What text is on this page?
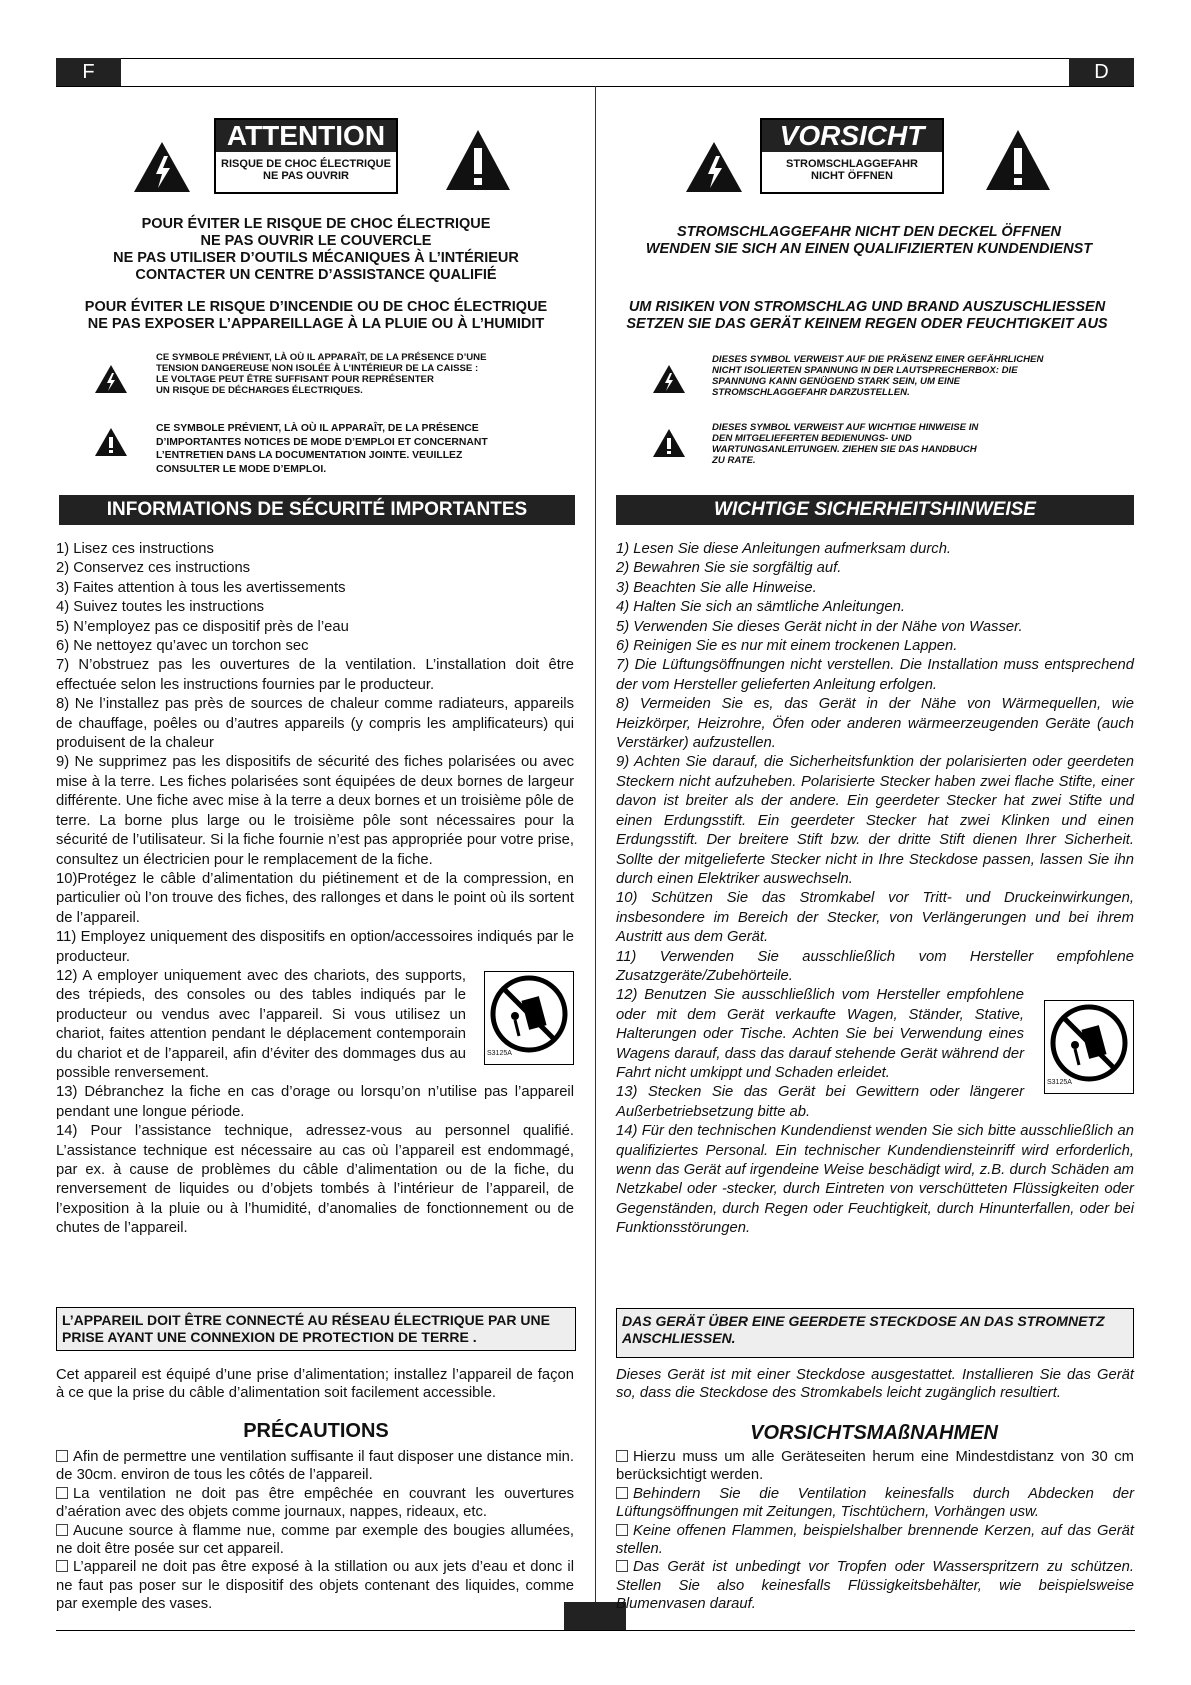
F	D
ATTENTION
RISQUE DE CHOC ÉLECTRIQUE
NE PAS OUVRIR
POUR ÉVITER LE RISQUE DE CHOC ÉLECTRIQUE
NE PAS OUVRIR LE COUVERCLE
NE PAS UTILISER D’OUTILS MÉCANIQUES À L’INTÉRIEUR
CONTACTER UN CENTRE D’ASSISTANCE QUALIFIÉ
POUR ÉVITER LE RISQUE D’INCENDIE OU DE CHOC ÉLECTRIQUE
NE PAS EXPOSER L’APPAREILLAGE À LA PLUIE OU À L’HUMIDIT
CE SYMBOLE PRÉVIENT, LÀ OÙ IL APPARAÎT, DE LA PRÉSENCE D’UNE
TENSION DANGEREUSE NON ISOLÉE À L’INTÉRIEUR DE LA CAISSE :
LE VOLTAGE PEUT ÊTRE SUFFISANT POUR REPRÉSENTER
UN RISQUE DE DÉCHARGES ÉLECTRIQUES.
CE SYMBOLE PRÉVIENT, LÀ OÙ IL APPARAÎT, DE LA PRÉSENCE
D’IMPORTANTES NOTICES DE MODE D’EMPLOI ET CONCERNANT
L’ENTRETIEN DANS LA DOCUMENTATION JOINTE. VEUILLEZ
CONSULTER LE MODE D’EMPLOI.
INFORMATIONS DE SÉCURITÉ IMPORTANTES

1) Lisez ces instructions

2) Conservez ces instructions

3) Faites attention à tous les avertissements

4) Suivez toutes les instructions

5) N’employez pas ce dispositif près de l’eau

6) Ne nettoyez qu’avec un torchon sec

7) N’obstruez pas les ouvertures de la ventilation. L’installation doit être effectuée selon les instructions fournies par le producteur.

8) Ne l’installez pas près de sources de chaleur comme radiateurs, appareils de chauffage, poêles ou d’autres appareils (y compris les amplificateurs) qui produisent de la chaleur

9) Ne supprimez pas les dispositifs de sécurité des fiches polarisées ou avec mise à la terre. Les fiches polarisées sont équipées de deux bornes de largeur différente. Une fiche avec mise à la terre a deux bornes et un troisième pôle de terre. La borne plus large ou le troisième pôle sont nécessaires pour la sécurité de l’utilisateur. Si la fiche fournie n’est pas appropriée pour votre prise, consultez un électricien pour le remplacement de la fiche.

10)Protégez le câble d’alimentation du piétinement et de la compression, en particulier où l’on trouve des fiches, des rallonges et dans le point où ils sortent de l’appareil.

11) Employez uniquement des dispositifs en option/accessoires indiqués par le producteur.

S3125A

12) A employer uniquement avec des chariots, des supports, des trépieds, des consoles ou des tables indiqués par le producteur ou vendus avec l’appareil. Si vous utilisez un chariot, faites attention pendant le déplacement contemporain du chariot et de l’appareil, afin d’éviter des dommages dus au possible renversement.

13) Débranchez la fiche en cas d’orage ou lorsqu’on n’utilise pas l’appareil pendant une longue période.

14) Pour l’assistance technique, adressez-vous au personnel qualifié. L’assistance technique est nécessaire au cas où l’appareil est endommagé, par ex. à cause de problèmes du câble d’alimentation ou de la fiche, du renversement de liquides ou d’objets tombés à l’intérieur de l’appareil, de l’exposition à la pluie ou à l’humidité, d’anomalies de fonctionnement ou de chutes de l’appareil.

L’APPAREIL DOIT ÊTRE CONNECTÉ AU RÉSEAU ÉLECTRIQUE PAR UNE PRISE AYANT UNE CONNEXION DE PROTECTION DE TERRE .
Cet appareil est équipé d’une prise d’alimentation; installez l’appareil de façon à ce que la prise du câble d’alimentation soit facilement accessible.
PRÉCAUTIONS
Afin de permettre une ventilation suffisante il faut disposer une distance min. de 30cm. environ de tous les côtés de l’appareil.
La ventilation ne doit pas être empêchée en couvrant les ouvertures d’aération avec des objets comme journaux, nappes, rideaux, etc.
Aucune source à flamme nue, comme par exemple des bougies allumées, ne doit être posée sur cet appareil.
L’appareil ne doit pas être exposé à la stillation ou aux jets d’eau et donc il ne faut pas poser sur le dispositif des objets contenant des liquides, comme par exemple des vases.
VORSICHT
STROMSCHLAGGEFAHR
NICHT ÖFFNEN
STROMSCHLAGGEFAHR NICHT DEN DECKEL ÖFFNEN
WENDEN SIE SICH AN EINEN QUALIFIZIERTEN KUNDENDIENST
UM RISIKEN VON STROMSCHLAG UND BRAND AUSZUSCHLIESSEN
SETZEN SIE DAS GERÄT KEINEM REGEN ODER FEUCHTIGKEIT AUS
DIESES SYMBOL VERWEIST AUF DIE PRÄSENZ EINER GEFÄHRLICHEN
NICHT ISOLIERTEN SPANNUNG IN DER LAUTSPRECHERBOX: DIE
SPANNUNG KANN GENÜGEND STARK SEIN, UM EINE
STROMSCHLAGGEFAHR DARZUSTELLEN.
DIESES SYMBOL VERWEIST AUF WICHTIGE HINWEISE IN
DEN MITGELIEFERTEN BEDIENUNGS- UND
WARTUNGSANLEITUNGEN. ZIEHEN SIE DAS HANDBUCH
ZU RATE.
WICHTIGE SICHERHEITSHINWEISE

1) Lesen Sie diese Anleitungen aufmerksam durch.

2) Bewahren Sie sie sorgfältig auf.

3) Beachten Sie alle Hinweise.

4) Halten Sie sich an sämtliche Anleitungen.

5) Verwenden Sie dieses Gerät nicht in der Nähe von Wasser.

6) Reinigen Sie es nur mit einem trockenen Lappen.

7) Die Lüftungsöffnungen nicht verstellen. Die Installation muss entsprechend der vom Hersteller gelieferten Anleitung erfolgen.

8) Vermeiden Sie es, das Gerät in der Nähe von Wärmequellen, wie Heizkörper, Heizrohre, Öfen oder anderen wärmeerzeugenden Geräte (auch Verstärker) aufzustellen.

9) Achten Sie darauf, die Sicherheitsfunktion der polarisierten oder geerdeten Steckern nicht aufzuheben. Polarisierte Stecker haben zwei flache Stifte, einer davon ist breiter als der andere. Ein geerdeter Stecker hat zwei Stifte und einen Erdungsstift. Ein geerdeter Stecker hat zwei Klinken und einen Erdungsstift. Der breitere Stift bzw. der dritte Stift dienen Ihrer Sicherheit. Sollte der mitgelieferte Stecker nicht in Ihre Steckdose passen, lassen Sie ihn durch einen Elektriker auswechseln.

10) Schützen Sie das Stromkabel vor Tritt- und Druckeinwirkungen, insbesondere im Bereich der Stecker, von Verlängerungen und bei ihrem Austritt aus dem Gerät.

11) Verwenden Sie ausschließlich vom Hersteller empfohlene Zusatzgeräte/Zubehörteile.

S3125A

12) Benutzen Sie ausschließlich vom Hersteller empfohlene oder mit dem Gerät verkaufte Wagen, Ständer, Stative, Halterungen oder Tische. Achten Sie bei Verwendung eines Wagens darauf, dass das darauf stehende Gerät während der Fahrt nicht umkippt und Schaden erleidet.

13) Stecken Sie das Gerät bei Gewittern oder längerer Außerbetriebsetzung bitte ab.

14) Für den technischen Kundendienst wenden Sie sich bitte ausschließlich an qualifiziertes Personal. Ein technischer Kundendiensteinriff wird erforderlich, wenn das Gerät auf irgendeine Weise beschädigt wird, z.B. durch Schäden am Netzkabel oder -stecker, durch Eintreten von verschütteten Flüssigkeiten oder Gegenständen, durch Regen oder Feuchtigkeit, durch Hinunterfallen, oder bei Funktionsstörungen.

DAS GERÄT ÜBER EINE GEERDETE STECKDOSE AN DAS STROMNETZ ANSCHLIESSEN.
Dieses Gerät ist mit einer Steckdose ausgestattet. Installieren Sie das Gerät so, dass die Steckdose des Stromkabels leicht zugänglich resultiert.
VORSICHTSMAßNAHMEN
Hierzu muss um alle Geräteseiten herum eine Mindestdistanz von 30 cm berücksichtigt werden.
Behindern Sie die Ventilation keinesfalls durch Abdecken der Lüftungsöffnungen mit Zeitungen, Tischtüchern, Vorhängen usw.
Keine offenen Flammen, beispielshalber brennende Kerzen, auf das Gerät stellen.
Das Gerät ist unbedingt vor Tropfen oder Wasserspritzern zu schützen. Stellen Sie also keinesfalls Flüssigkeitsbehälter, wie beispielsweise Blumenvasen darauf.
